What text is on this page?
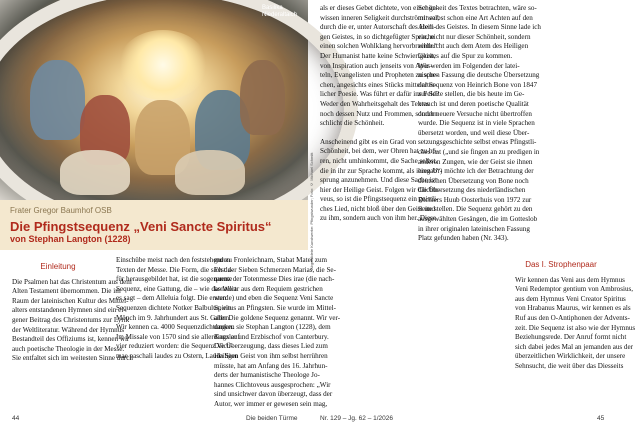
Basilika Niederaltaich
Abgebildete Kunstwerke: Pfingstwunder; Foto: © Michael Schmitt
Frater Gregor Baumhof OSB
Die Pfingstsequenz „Veni Sancte Spiritus“
von Stephan Langton (1228)
Einleitung
Die Psalmen hat das Christentum aus dem
Alten Testament übernommen. Die im
Raum der lateinischen Kultur des Mittel-
alters entstandenen Hymnen sind ein ei-
gener Beitrag des Christentums zur Lyrik
der Weltliteratur. Während der Hymnus
Bestandteil des Offiziums ist, kennen wir
auch poetische Theologie in der Messe.
Sie entfaltet sich im weitesten Sinne durch
Einschübe meist nach den feststehenden
Texten der Messe. Die Form, die sich da-
für herausgebildet hat, ist die sogenannte
Sequenz, eine Gattung, die – wie das Wort
es sagt – dem Alleluia folgt. Die ersten
Sequenzen dichtete Notker Balbulus, ein
Mönch im 9. Jahrhundert aus St. Gallen.
Wir kennen ca. 4000 Sequenzdichtungen.
Im Missale von 1570 sind sie allerdings auf
vier reduziert worden: die Sequenz Victi-
mae paschali laudes zu Ostern, Lauda Sion
als er dieses Gebet dichtete, von einer ge-
wissen inneren Seligkeit durchströmt war,
durch die er, unter Autorschaft des Heili-
gen Geistes, in so dichtgefügter Sprache
einen solchen Wohlklang hervorbrachte.“
Der Humanist hatte keine Schwierigkeit,
von Inspiration auch jenseits von Apos-
teln, Evangelisten und Propheten zu spre-
chen, angesichts eines Stücks mittelalter-
licher Poesie. Was führt er dafür ins Feld?
Weder den Wahrheitsgehalt des Textes
noch dessen Nutz und Frommen, sondern
schlicht die Schönheit.
Anscheinend gibt es ein Grad von
Schönheit, bei dem, wer Ohren hat zu hö-
ren, nicht umhinkommt, die Sache selbst,
die in ihr zur Sprache kommt, als ihren Ur-
sprung anzunehmen. Und diese Sache ist
hier der Heilige Geist. Folgen wir Clichto-
veus, so ist die Pfingstsequenz ein geistli-
ches Lied, nicht bloß über den Geist und
zu ihm, sondern auch von ihm her. Diese
gur zu Fronleichnam, Stabat Mater zum
Fest der Sieben Schmerzen Marias, die Se-
quenz der Totenmesse Dies irae (die nach-
konziliar aus dem Requiem gestrichen
wurde) und eben die Sequenz Veni Sancte
Spiritus an Pfingsten. Sie wurde im Mittel-
alter Die goldene Sequenz genannt. Wir ver-
danken sie Stephan Langton (1228), dem
Kanzler und Erzbischof von Canterbury.
Die Überzeugung, dass dieses Lied zum
Heiligen Geist von ihm selbst herrühren
müsste, hat am Anfang des 16. Jahrhun-
derts der humanistische Theologe Jo-
hannes Clichtoveus ausgesprochen: „Wir
sind unsichwer davon überzeugt, dass der
Autor, wer immer er gewesen sein mag,
Schönheit des Textes betrachten, wäre so-
mit selbst schon eine Art Achten auf den
Atem des Geistes. In diesem Sinne lade ich
ein, nicht nur dieser Schönheit, sondern
vielleicht auch dem Atem des Heiligen
Geistes auf die Spur zu kommen.
Wir werden im Folgenden der latei-
nischen Fassung die deutsche Übersetzung
der Sequenz von Heinrich Bone von 1847
zur Seite stellen, die bis heute im Ge-
brauch ist und deren poetische Qualität
durch neuere Versuche nicht übertroffen
wurde. Die Sequenz ist in viele Sprachen
übersetzt worden, und weil diese Über-
setzungsgeschichte selbst etwas Pfingstli-
ches hat („und sie fingen an zu predigen in
anderen Zungen, wie der Geist sie ihnen
eingab“) möchte ich der Betrachtung der
deutschen Übersetzung von Bone noch
die Übersetzung des niederländischen
Dichters Huub Oosterhuis von 1972 zur
Seite stellen. Die Sequenz gehört zu den
ausgewählten Gesängen, die im Gotteslob
in ihrer originalen lateinischen Fassung
Platz gefunden haben (Nr. 343).
44	Die beiden Türme	Nr. 129 – Jg. 62 – 1/2026	45
Das I. Strophenpaar
Wir kennen das Veni aus dem Hymnus
Veni Redemptor gentium von Ambrosius,
aus dem Hymnus Veni Creator Spiritus
von Hrabanus Maurus, wir kennen es als
Ruf aus den O-Antiphonen der Advents-
zeit. Die Sequenz ist also wie der Hymnus
Beziehungsrede. Der Anruf formt nicht
sich dabei jedes Mal an jemanden aus der
überzeitlichen Wirklichkeit, der unsere
Sehnsucht, die weit über das Diesseits
